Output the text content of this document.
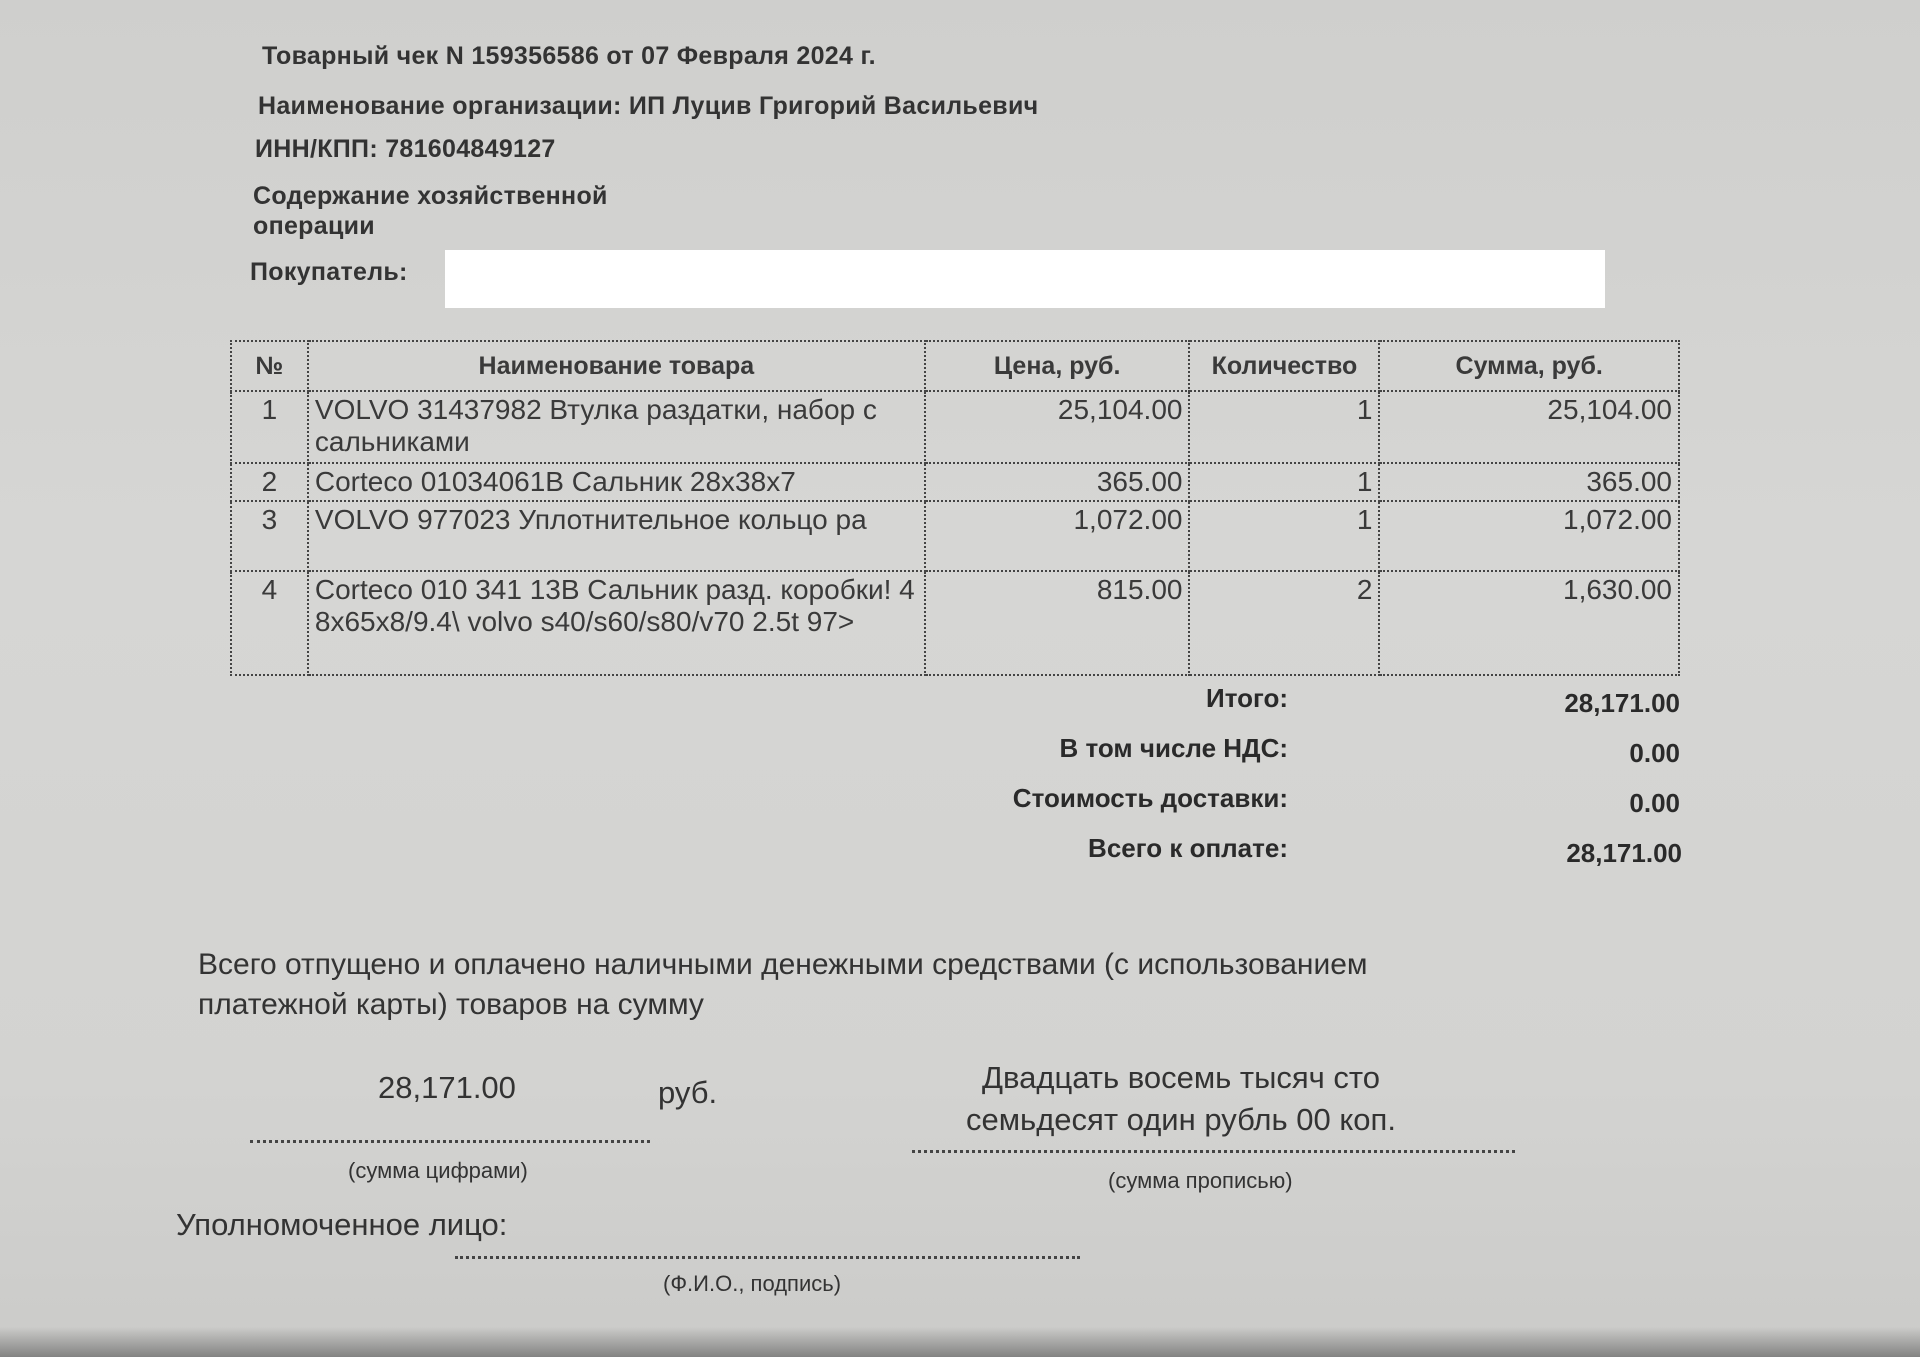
Товарный чек N 159356586 от 07 Февраля 2024 г.
Наименование организации: ИП Луцив Григорий Васильевич
ИНН/КПП: 781604849127
Содержание хозяйственной
операции
Покупатель:
№	Наименование товара	Цена, руб.	Количество	Сумма, руб.
1	VOLVO 31437982 Втулка раздатки, набор с сальниками	25,104.00	1	25,104.00
2	Corteco 01034061B Сальник 28x38x7	365.00	1	365.00
3	VOLVO 977023 Уплотнительное кольцо ра	1,072.00	1	1,072.00
4	Corteco 010 341 13B Сальник разд. коробки! 48x65x8/9.4\ volvo s40/s60/s80/v70 2.5t 97>	815.00	2	1,630.00
Итого:	28,171.00
В том числе НДС:	0.00
Стоимость доставки:	0.00
Всего к оплате:	28,171.00
Всего отпущено и оплачено наличными денежными средствами (с использованием
платежной карты) товаров на сумму
28,171.00	руб.
(сумма цифрами)
Двадцать восемь тысяч сто
семьдесят один рубль 00 коп.
(сумма прописью)
Уполномоченное лицо:
(Ф.И.О., подпись)
